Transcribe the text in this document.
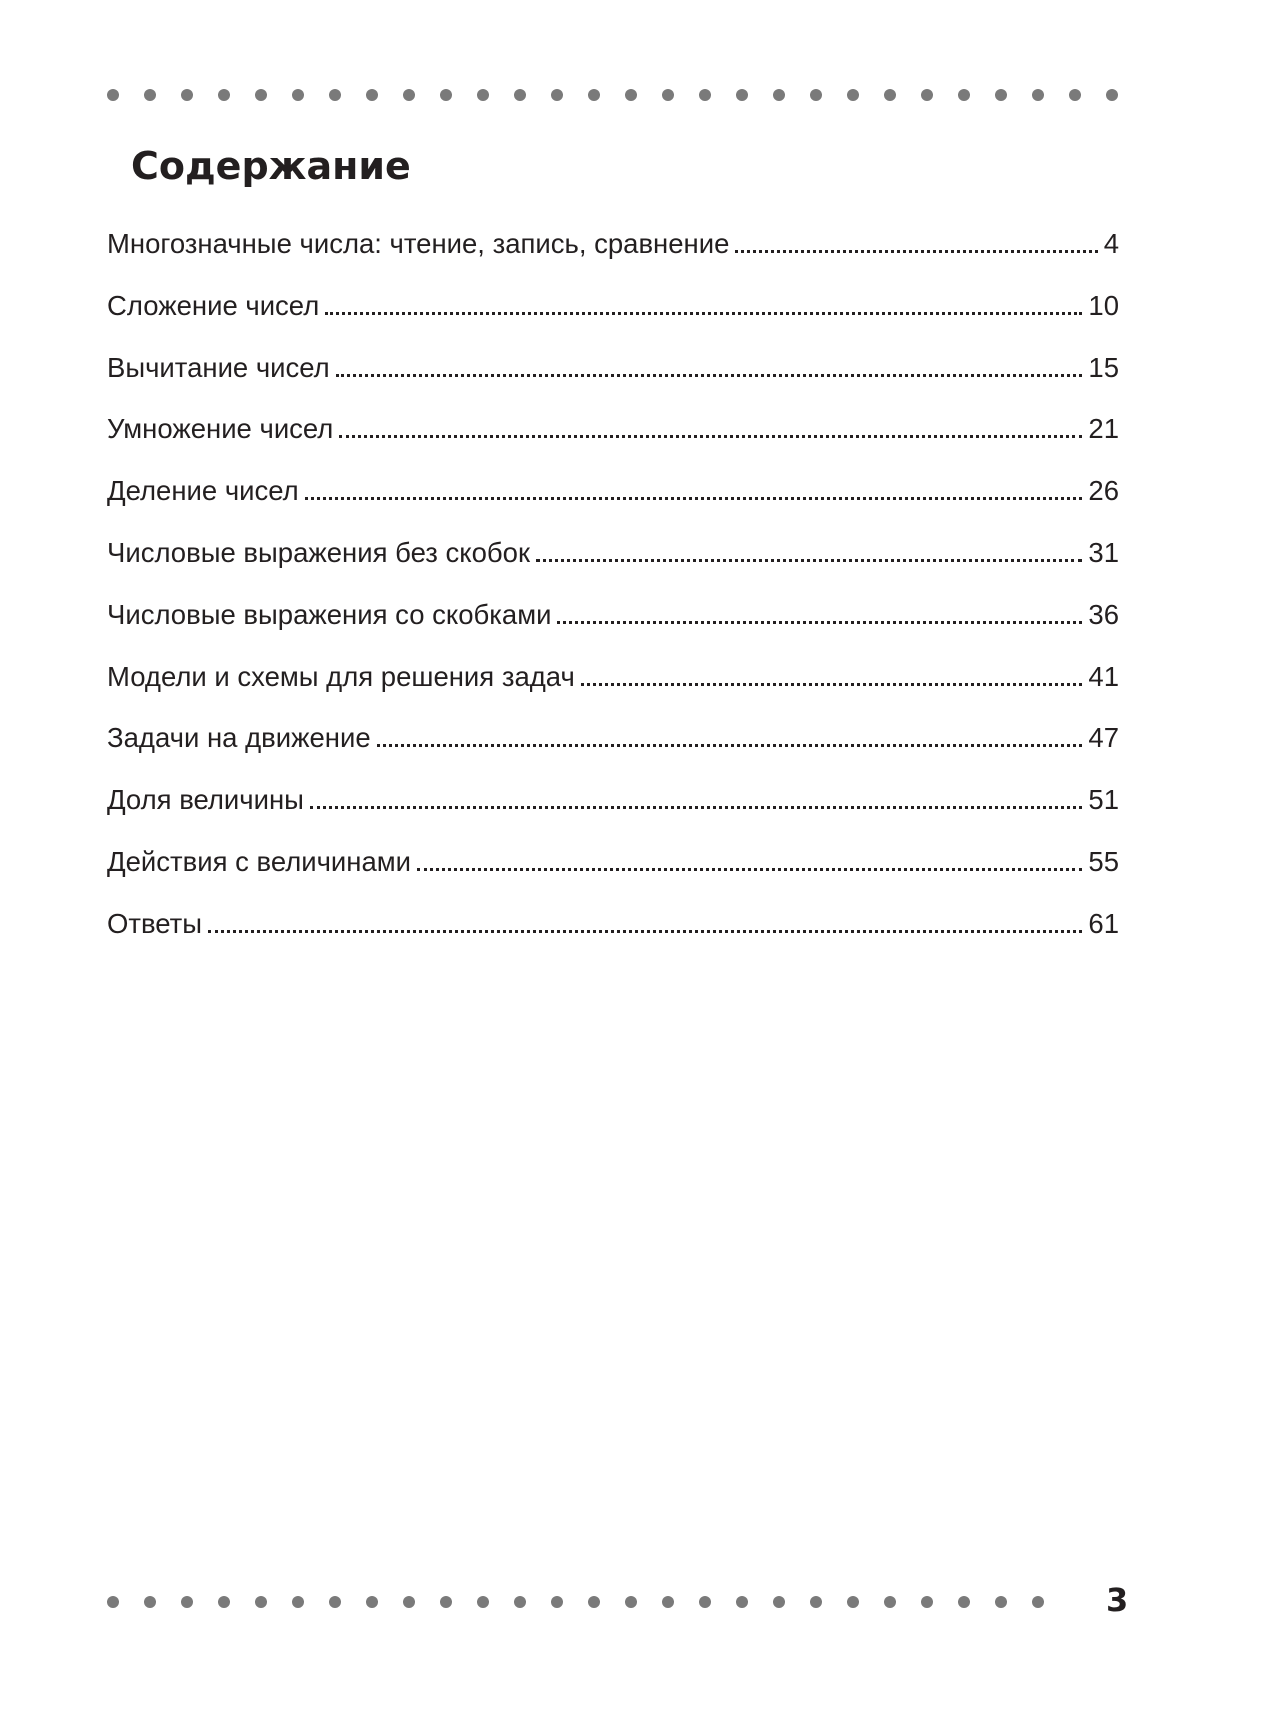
Содержание
Многозначные числа: чтение, запись, сравнение	4
Сложение чисел	10
Вычитание чисел	15
Умножение чисел	21
Деление чисел	26
Числовые выражения без скобок	31
Числовые выражения со скобками	36
Модели и схемы для решения задач	41
Задачи на движение	47
Доля величины	51
Действия с величинами	55
Ответы	61
3
